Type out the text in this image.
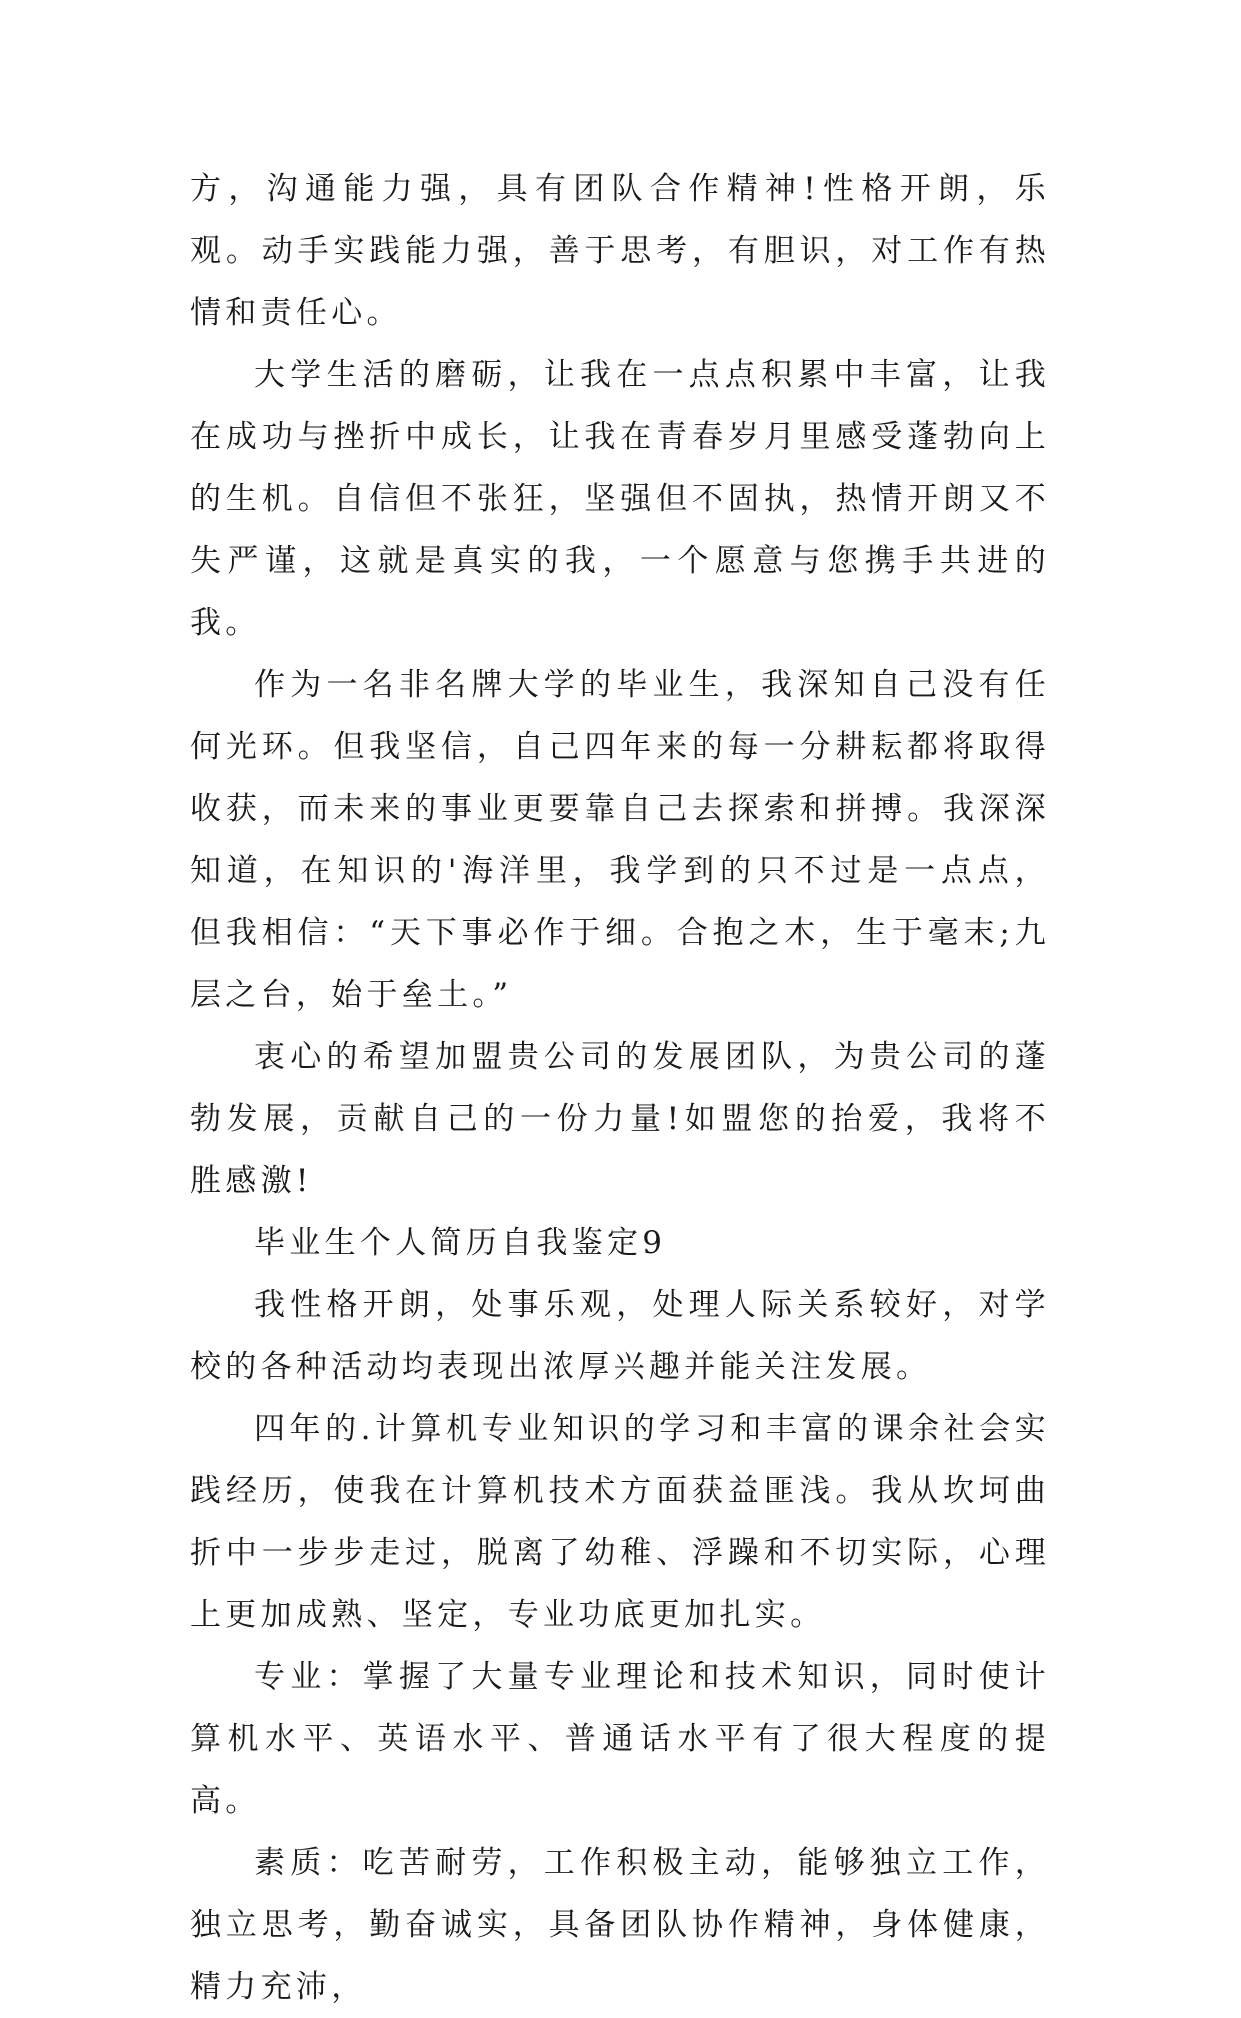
方，沟通能力强，具有团队合作精神!性格开朗，乐观。动手实践能力强，善于思考，有胆识，对工作有热情和责任心。

大学生活的磨砺，让我在一点点积累中丰富，让我在成功与挫折中成长，让我在青春岁月里感受蓬勃向上的生机。自信但不张狂，坚强但不固执，热情开朗又不失严谨，这就是真实的我，一个愿意与您携手共进的我。

作为一名非名牌大学的毕业生，我深知自己没有任何光环。但我坚信，自己四年来的每一分耕耘都将取得收获，而未来的事业更要靠自己去探索和拼搏。我深深知道，在知识的'海洋里，我学到的只不过是一点点，但我相信：“天下事必作于细。合抱之木，生于毫末;九层之台，始于垒土。”

衷心的希望加盟贵公司的发展团队，为贵公司的蓬勃发展，贡献自己的一份力量!如盟您的抬爱，我将不胜感激!

毕业生个人简历自我鉴定9

我性格开朗，处事乐观，处理人际关系较好，对学校的各种活动均表现出浓厚兴趣并能关注发展。

四年的.计算机专业知识的学习和丰富的课余社会实践经历，使我在计算机技术方面获益匪浅。我从坎坷曲折中一步步走过，脱离了幼稚、浮躁和不切实际，心理上更加成熟、坚定，专业功底更加扎实。

专业：掌握了大量专业理论和技术知识，同时使计算机水平、英语水平、普通话水平有了很大程度的提高。

素质：吃苦耐劳，工作积极主动，能够独立工作，独立思考，勤奋诚实，具备团队协作精神，身体健康，精力充沛，
